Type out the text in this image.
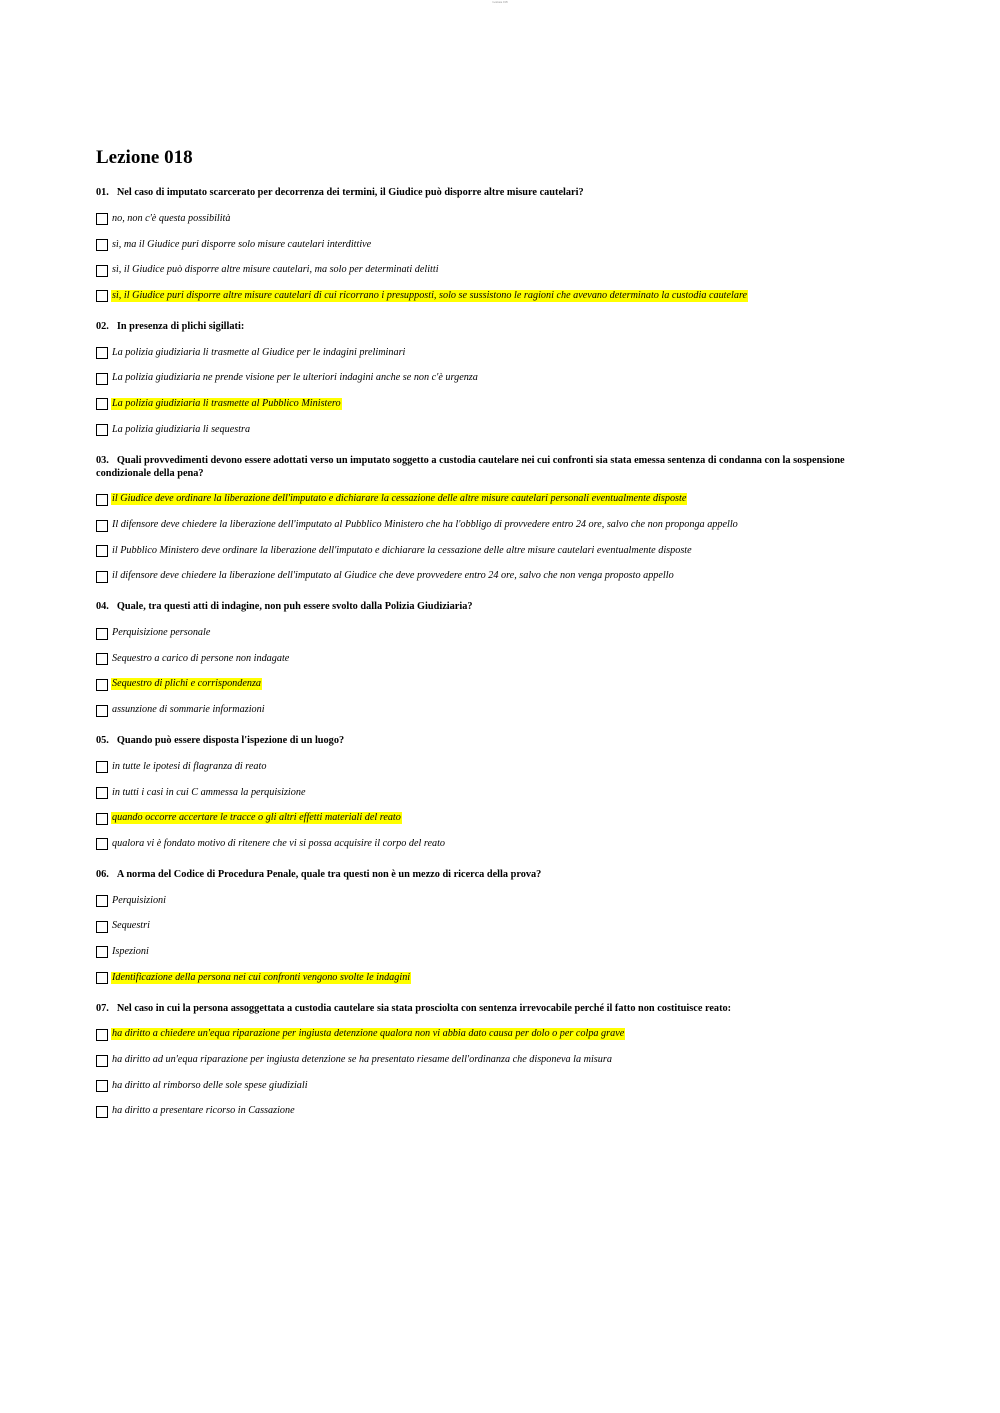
Lezione 018
Lezione 018

01. Nel caso di imputato scarcerato per decorrenza dei termini, il Giudice può disporre altre misure cautelari?

no, non c'è questa possibilità
sì, ma il Giudice puri disporre solo misure cautelari interdittive
sì, il Giudice può disporre altre misure cautelari, ma solo per determinati delitti
sì, il Giudice puri disporre altre misure cautelari di cui ricorrano i presupposti, solo se sussistono le ragioni che avevano determinato la custodia cautelare

02. In presenza di plichi sigillati:

La polizia giudiziaria li trasmette al Giudice per le indagini preliminari
La polizia giudiziaria ne prende visione per le ulteriori indagini anche se non c'è urgenza
La polizia giudiziaria li trasmette al Pubblico Ministero
La polizia giudiziaria li sequestra

03. Quali provvedimenti devono essere adottati verso un imputato soggetto a custodia cautelare nei cui confronti sia stata emessa sentenza di condanna con la sospensione condizionale della pena?

il Giudice deve ordinare la liberazione dell'imputato e dichiarare la cessazione delle altre misure cautelari personali eventualmente disposte
Il difensore deve chiedere la liberazione dell'imputato al Pubblico Ministero che ha l'obbligo di provvedere entro 24 ore, salvo che non proponga appello
il Pubblico Ministero deve ordinare la liberazione dell'imputato e dichiarare la cessazione delle altre misure cautelari eventualmente disposte
il difensore deve chiedere la liberazione dell'imputato al Giudice che deve provvedere entro 24 ore, salvo che non venga proposto appello

04. Quale, tra questi atti di indagine, non puh essere svolto dalla Polizia Giudiziaria?

Perquisizione personale
Sequestro a carico di persone non indagate
Sequestro di plichi e corrispondenza
assunzione di sommarie informazioni

05. Quando può essere disposta l'ispezione di un luogo?

in tutte le ipotesi di flagranza di reato
in tutti i casi in cui C ammessa la perquisizione
quando occorre accertare le tracce o gli altri effetti materiali del reato
qualora vi è fondato motivo di ritenere che vi si possa acquisire il corpo del reato

06. A norma del Codice di Procedura Penale, quale tra questi non è un mezzo di ricerca della prova?

Perquisizioni
Sequestri
Ispezioni
Identificazione della persona nei cui confronti vengono svolte le indagini

07. Nel caso in cui la persona assoggettata a custodia cautelare sia stata prosciolta con sentenza irrevocabile perché il fatto non costituisce reato:

ha diritto a chiedere un'equa riparazione per ingiusta detenzione qualora non vi abbia dato causa per dolo o per colpa grave
ha diritto ad un'equa riparazione per ingiusta detenzione se ha presentato riesame dell'ordinanza che disponeva la misura
ha diritto al rimborso delle sole spese giudiziali
ha diritto a presentare ricorso in Cassazione
